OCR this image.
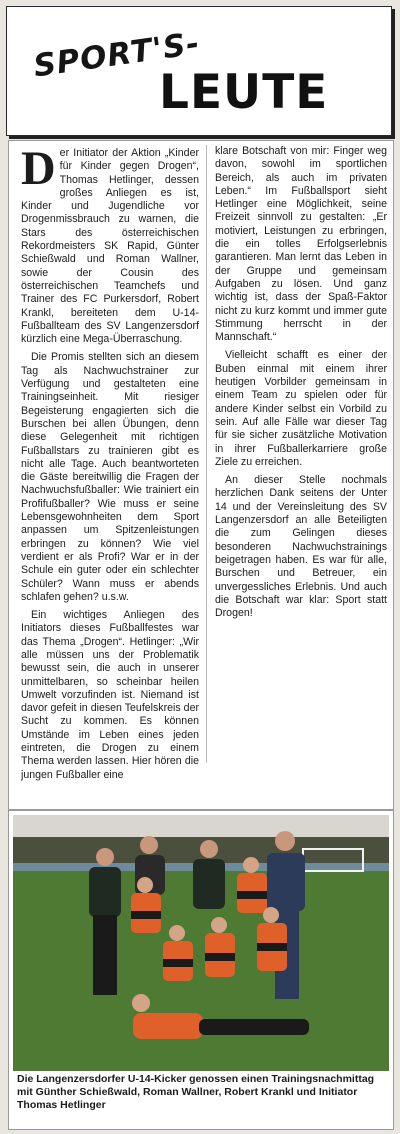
SPORT'S-
LEUTE

Der Initiator der Aktion „Kinder für Kinder gegen Drogen“, Thomas Hetlinger, dessen großes Anliegen es ist, Kinder und Jugendliche vor Drogenmissbrauch zu warnen, die Stars des österreichischen Rekordmeisters SK Rapid, Günter Schießwald und Roman Wallner, sowie der Cousin des österreichischen Teamchefs und Trainer des FC Purkersdorf, Robert Krankl, bereiteten dem U-14-Fußballteam des SV Langenzersdorf kürzlich eine Mega-Überraschung.

Die Promis stellten sich an diesem Tag als Nachwuchstrainer zur Verfügung und gestalteten eine Trainingseinheit. Mit riesiger Begeisterung engagierten sich die Burschen bei allen Übungen, denn diese Gelegenheit mit richtigen Fußballstars zu trainieren gibt es nicht alle Tage. Auch beantworteten die Gäste bereitwillig die Fragen der Nachwuchsfußballer: Wie trainiert ein Profifußballer? Wie muss er seine Lebensgewohnheiten dem Sport anpassen um Spitzenleistungen erbringen zu können? Wie viel verdient er als Profi? War er in der Schule ein guter oder ein schlechter Schüler? Wann muss er abends schlafen gehen? u.s.w.

Ein wichtiges Anliegen des Initiators dieses Fußballfestes war das Thema „Drogen“. Hetlinger: „Wir alle müssen uns der Problematik bewusst sein, die auch in unserer unmittelbaren, so scheinbar heilen Umwelt vorzufinden ist. Niemand ist davor gefeit in diesen Teufelskreis der Sucht zu kommen. Es können Umstände im Leben eines jeden eintreten, die Drogen zu einem Thema werden lassen. Hier hören die jungen Fußballer eine

klare Botschaft von mir: Finger weg davon, sowohl im sportlichen Bereich, als auch im privaten Leben.“ Im Fußballsport sieht Hetlinger eine Möglichkeit, seine Freizeit sinnvoll zu gestalten: „Er motiviert, Leistungen zu erbringen, die ein tolles Erfolgserlebnis garantieren. Man lernt das Leben in der Gruppe und gemeinsam Aufgaben zu lösen. Und ganz wichtig ist, dass der Spaß-Faktor nicht zu kurz kommt und immer gute Stimmung herrscht in der Mannschaft.“

Vielleicht schafft es einer der Buben einmal mit einem ihrer heutigen Vorbilder gemeinsam in einem Team zu spielen oder für andere Kinder selbst ein Vorbild zu sein. Auf alle Fälle war dieser Tag für sie sicher zusätzliche Motivation in ihrer Fußballerkarriere große Ziele zu erreichen.

An dieser Stelle nochmals herzlichen Dank seitens der Unter 14 und der Vereinsleitung des SV Langenzersdorf an alle Beteiligten die zum Gelingen dieses besonderen Nachwuchstrainings beigetragen haben. Es war für alle, Burschen und Betreuer, ein unvergessliches Erlebnis. Und auch die Botschaft war klar: Sport statt Drogen!

Die Langenzersdorfer U-14-Kicker genossen einen Trainingsnachmittag mit Günther Schießwald, Roman Wallner, Robert Krankl und Initiator Thomas Hetlinger
